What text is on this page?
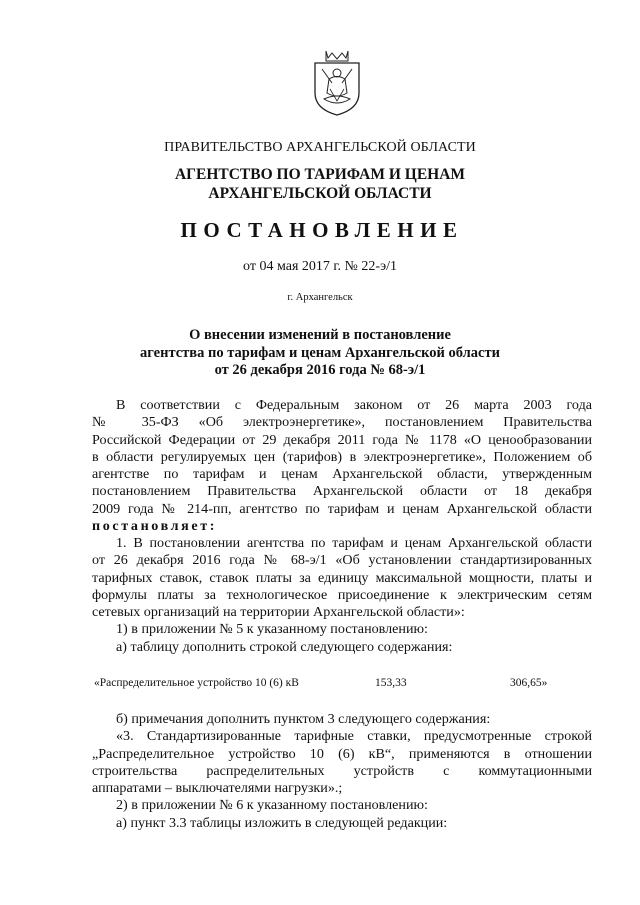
ПРАВИТЕЛЬСТВО АРХАНГЕЛЬСКОЙ ОБЛАСТИ
АГЕНТСТВО ПО ТАРИФАМ И ЦЕНАМ
АРХАНГЕЛЬСКОЙ ОБЛАСТИ
ПОСТАНОВЛЕНИЕ
от 04 мая 2017 г. № 22-э/1
г. Архангельск
О внесении изменений в постановление
агентства по тарифам и ценам Архангельской области
от 26 декабря 2016 года № 68-э/1
В соответствии с Федеральным законом от 26 марта 2003 года
№ 35-ФЗ «Об электроэнергетике», постановлением Правительства
Российской Федерации от 29 декабря 2011 года № 1178 «О ценообразовании
в области регулируемых цен (тарифов) в электроэнергетике», Положением об
агентстве по тарифам и ценам Архангельской области, утвержденным
постановлением Правительства Архангельской области от 18 декабря
2009 года № 214-пп, агентство по тарифам и ценам Архангельской области
постановляет:
1. В постановлении агентства по тарифам и ценам Архангельской области
от 26 декабря 2016 года № 68-э/1 «Об установлении стандартизированных
тарифных ставок, ставок платы за единицу максимальной мощности, платы и
формулы платы за технологическое присоединение к электрическим сетям
сетевых организаций на территории Архангельской области»:
1) в приложении № 5 к указанному постановлению:
а) таблицу дополнить строкой следующего содержания:
«Распределительное устройство 10 (6) кВ	153,33	306,65»
б) примечания дополнить пунктом 3 следующего содержания:
«3. Стандартизированные тарифные ставки, предусмотренные строкой
„Распределительное устройство 10 (6) кВ“, применяются в отношении
строительства распределительных устройств с коммутационными
аппаратами – выключателями нагрузки».;
2) в приложении № 6 к указанному постановлению:
а) пункт 3.3 таблицы изложить в следующей редакции:
